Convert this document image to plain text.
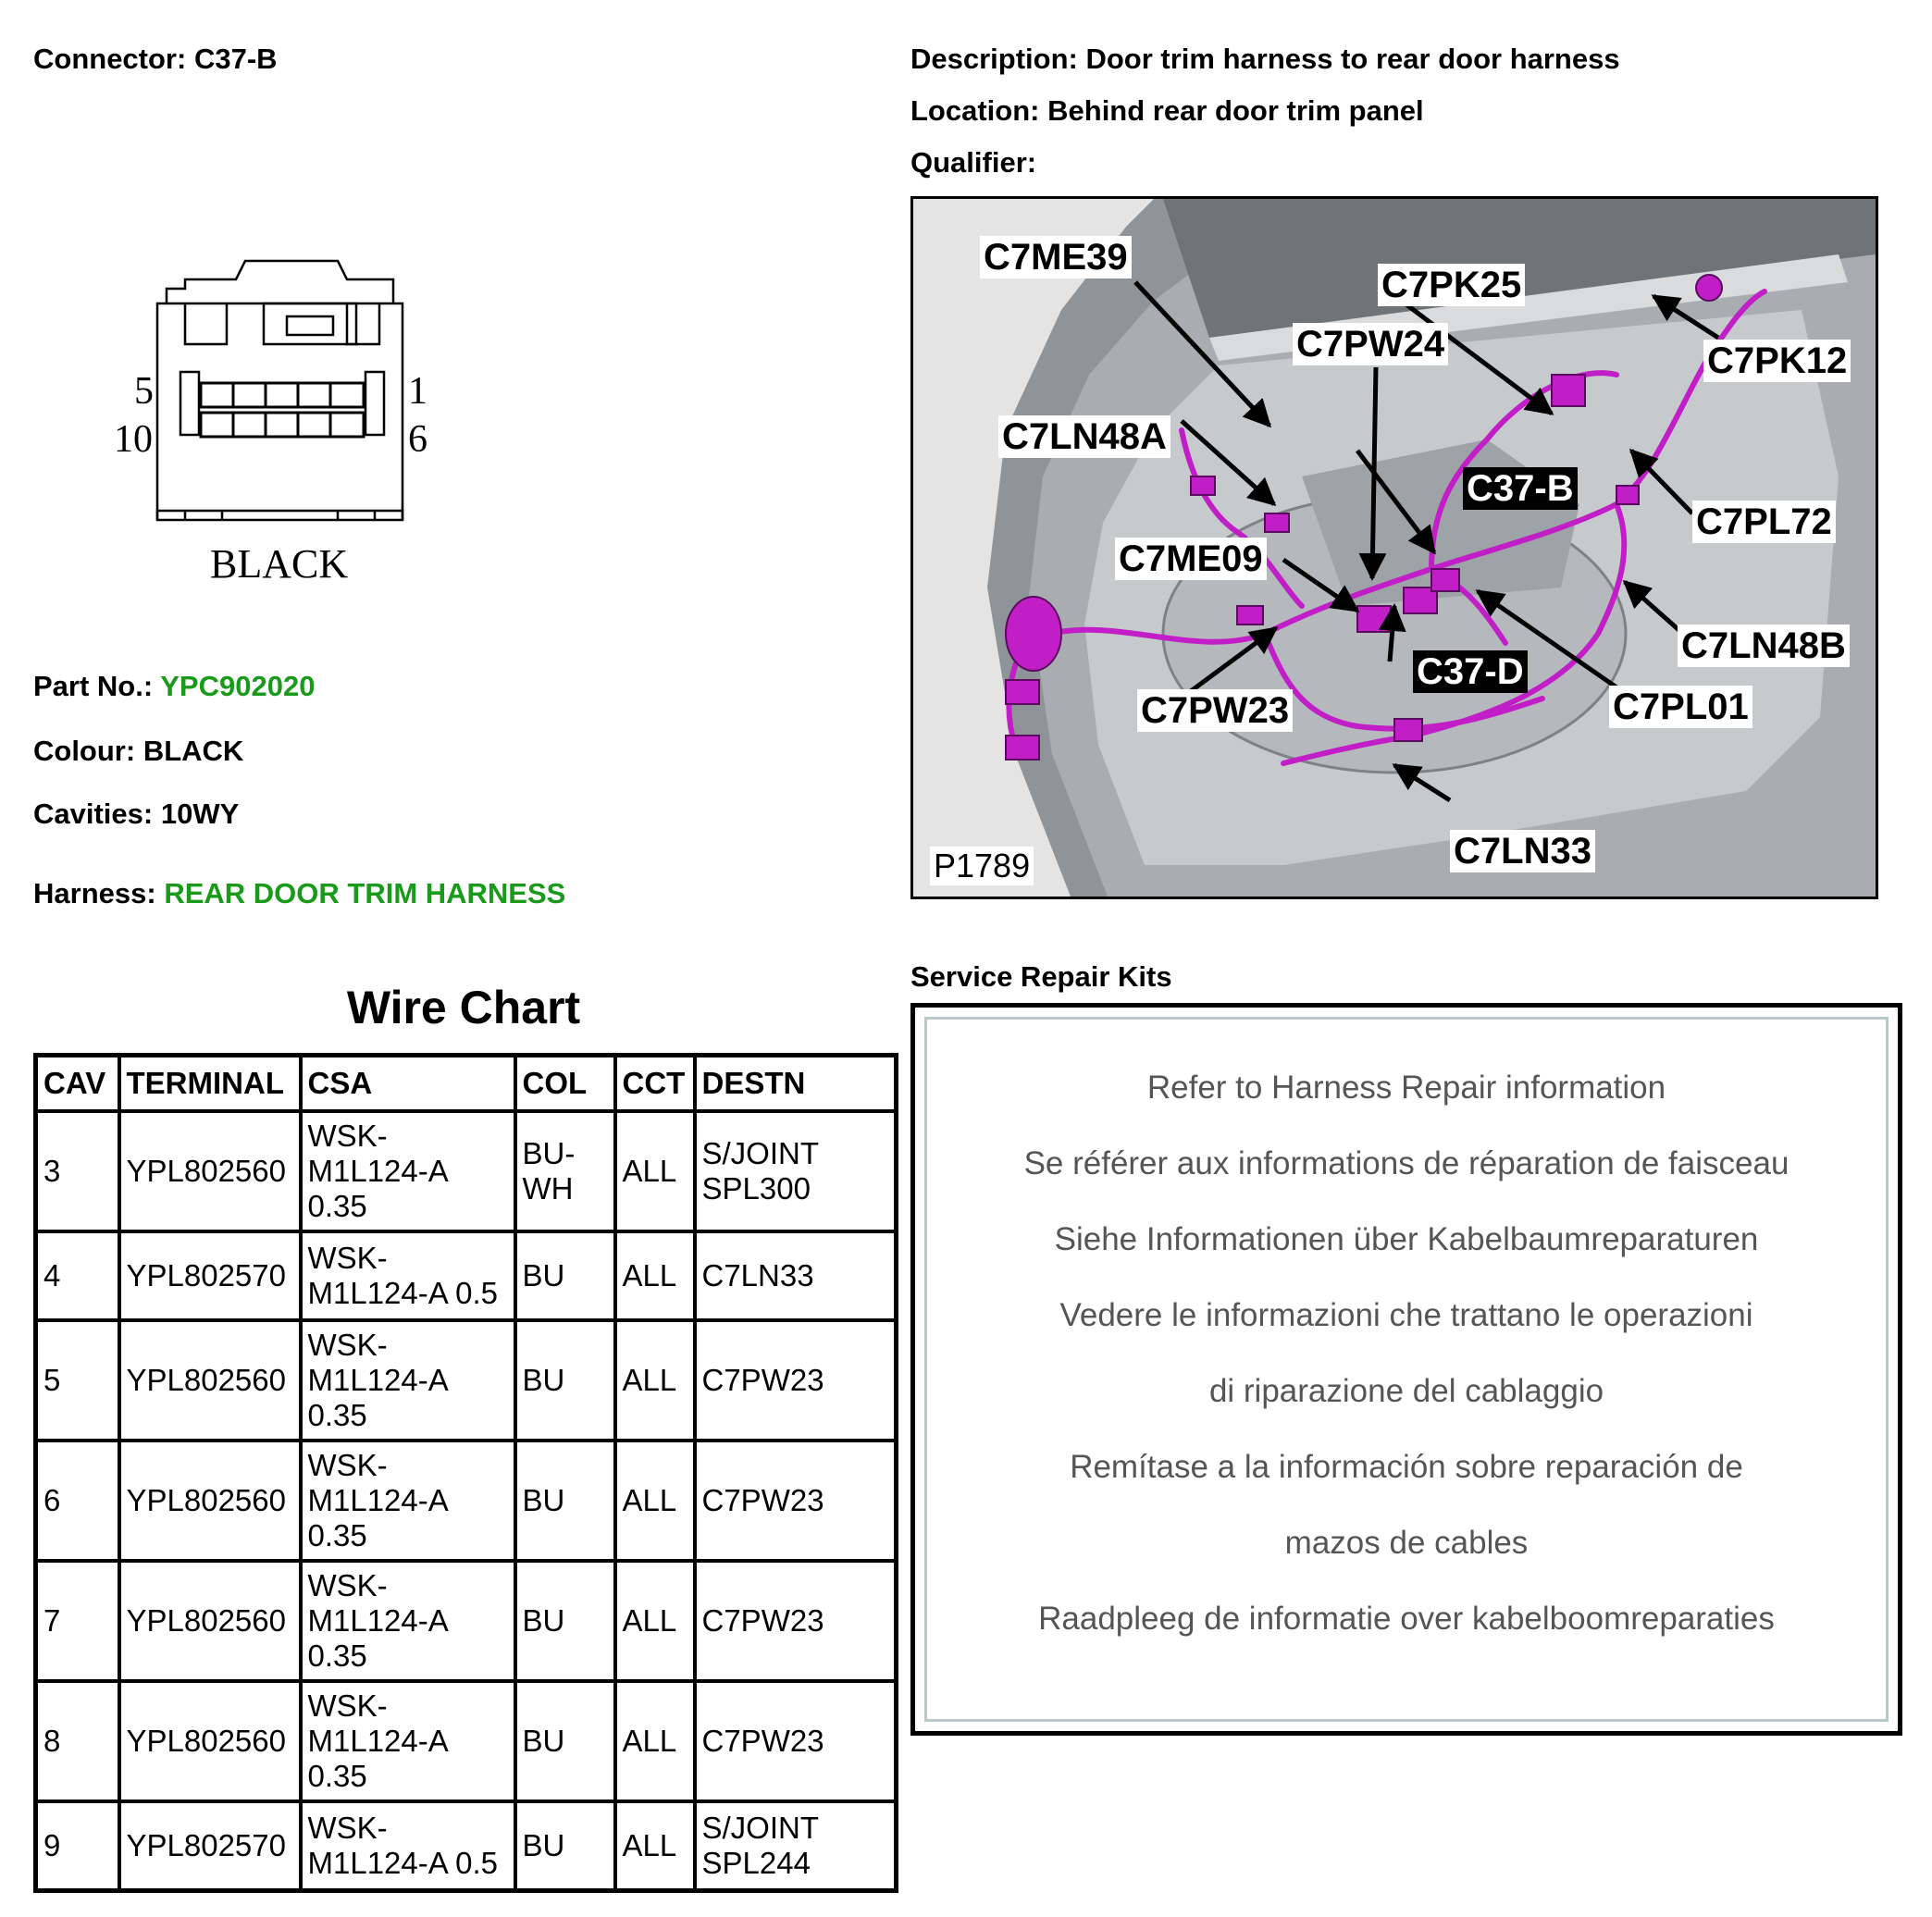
Connector: C37-B	Description: Door trim harness to rear door harness
Location: Behind rear door trim panel
Qualifier:
5
10
1
6
BLACK
Part No.: YPC902020
Colour: BLACK
Cavities: 10WY
Harness: REAR DOOR TRIM HARNESS
Wire Chart
CAV	TERMINAL	CSA	COL	CCT	DESTN
3	YPL802560	WSK-M1L124-A 0.35	BU-WH	ALL	S/JOINT SPL300
4	YPL802570	WSK-M1L124-A 0.5	BU	ALL	C7LN33
5	YPL802560	WSK-M1L124-A 0.35	BU	ALL	C7PW23
6	YPL802560	WSK-M1L124-A 0.35	BU	ALL	C7PW23
7	YPL802560	WSK-M1L124-A 0.35	BU	ALL	C7PW23
8	YPL802560	WSK-M1L124-A 0.35	BU	ALL	C7PW23
9	YPL802570	WSK-M1L124-A 0.5	BU	ALL	S/JOINT SPL244
C7ME39
C7PK25
C7PK12
C7PW24
C7LN48A
C37-B
C7PL72
C7ME09
C7LN48B
C37-D
C7PW23	C7PL01
C7LN33
P1789
Service Repair Kits
Refer to Harness Repair information
Se référer aux informations de réparation de faisceau
Siehe Informationen über Kabelbaumreparaturen
Vedere le informazioni che trattano le operazioni
di riparazione del cablaggio
Remítase a la información sobre reparación de
mazos de cables
Raadpleeg de informatie over kabelboomreparaties
